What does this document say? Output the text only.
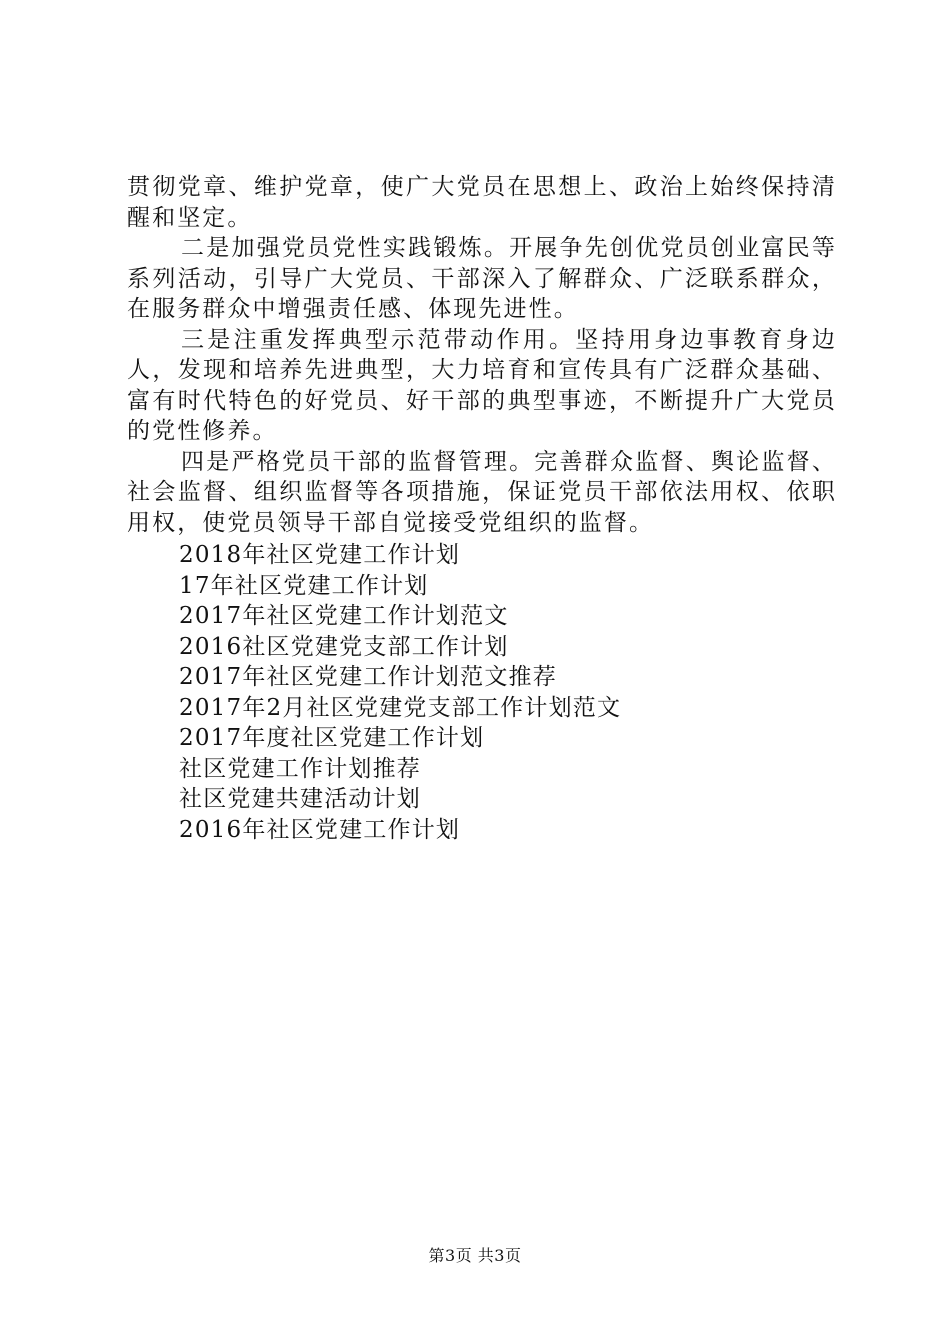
贯彻党章、维护党章，使广大党员在思想上、政治上始终保持清醒和坚定。

二是加强党员党性实践锻炼。开展争先创优党员创业富民等系列活动，引导广大党员、干部深入了解群众、广泛联系群众，在服务群众中增强责任感、体现先进性。

三是注重发挥典型示范带动作用。坚持用身边事教育身边人，发现和培养先进典型，大力培育和宣传具有广泛群众基础、富有时代特色的好党员、好干部的典型事迹，不断提升广大党员的党性修养。

四是严格党员干部的监督管理。完善群众监督、舆论监督、社会监督、组织监督等各项措施，保证党员干部依法用权、依职用权，使党员领导干部自觉接受党组织的监督。

2018年社区党建工作计划
17年社区党建工作计划
2017年社区党建工作计划范文
2016社区党建党支部工作计划
2017年社区党建工作计划范文推荐
2017年2月社区党建党支部工作计划范文
2017年度社区党建工作计划
社区党建工作计划推荐
社区党建共建活动计划
2016年社区党建工作计划
第3页 共3页
